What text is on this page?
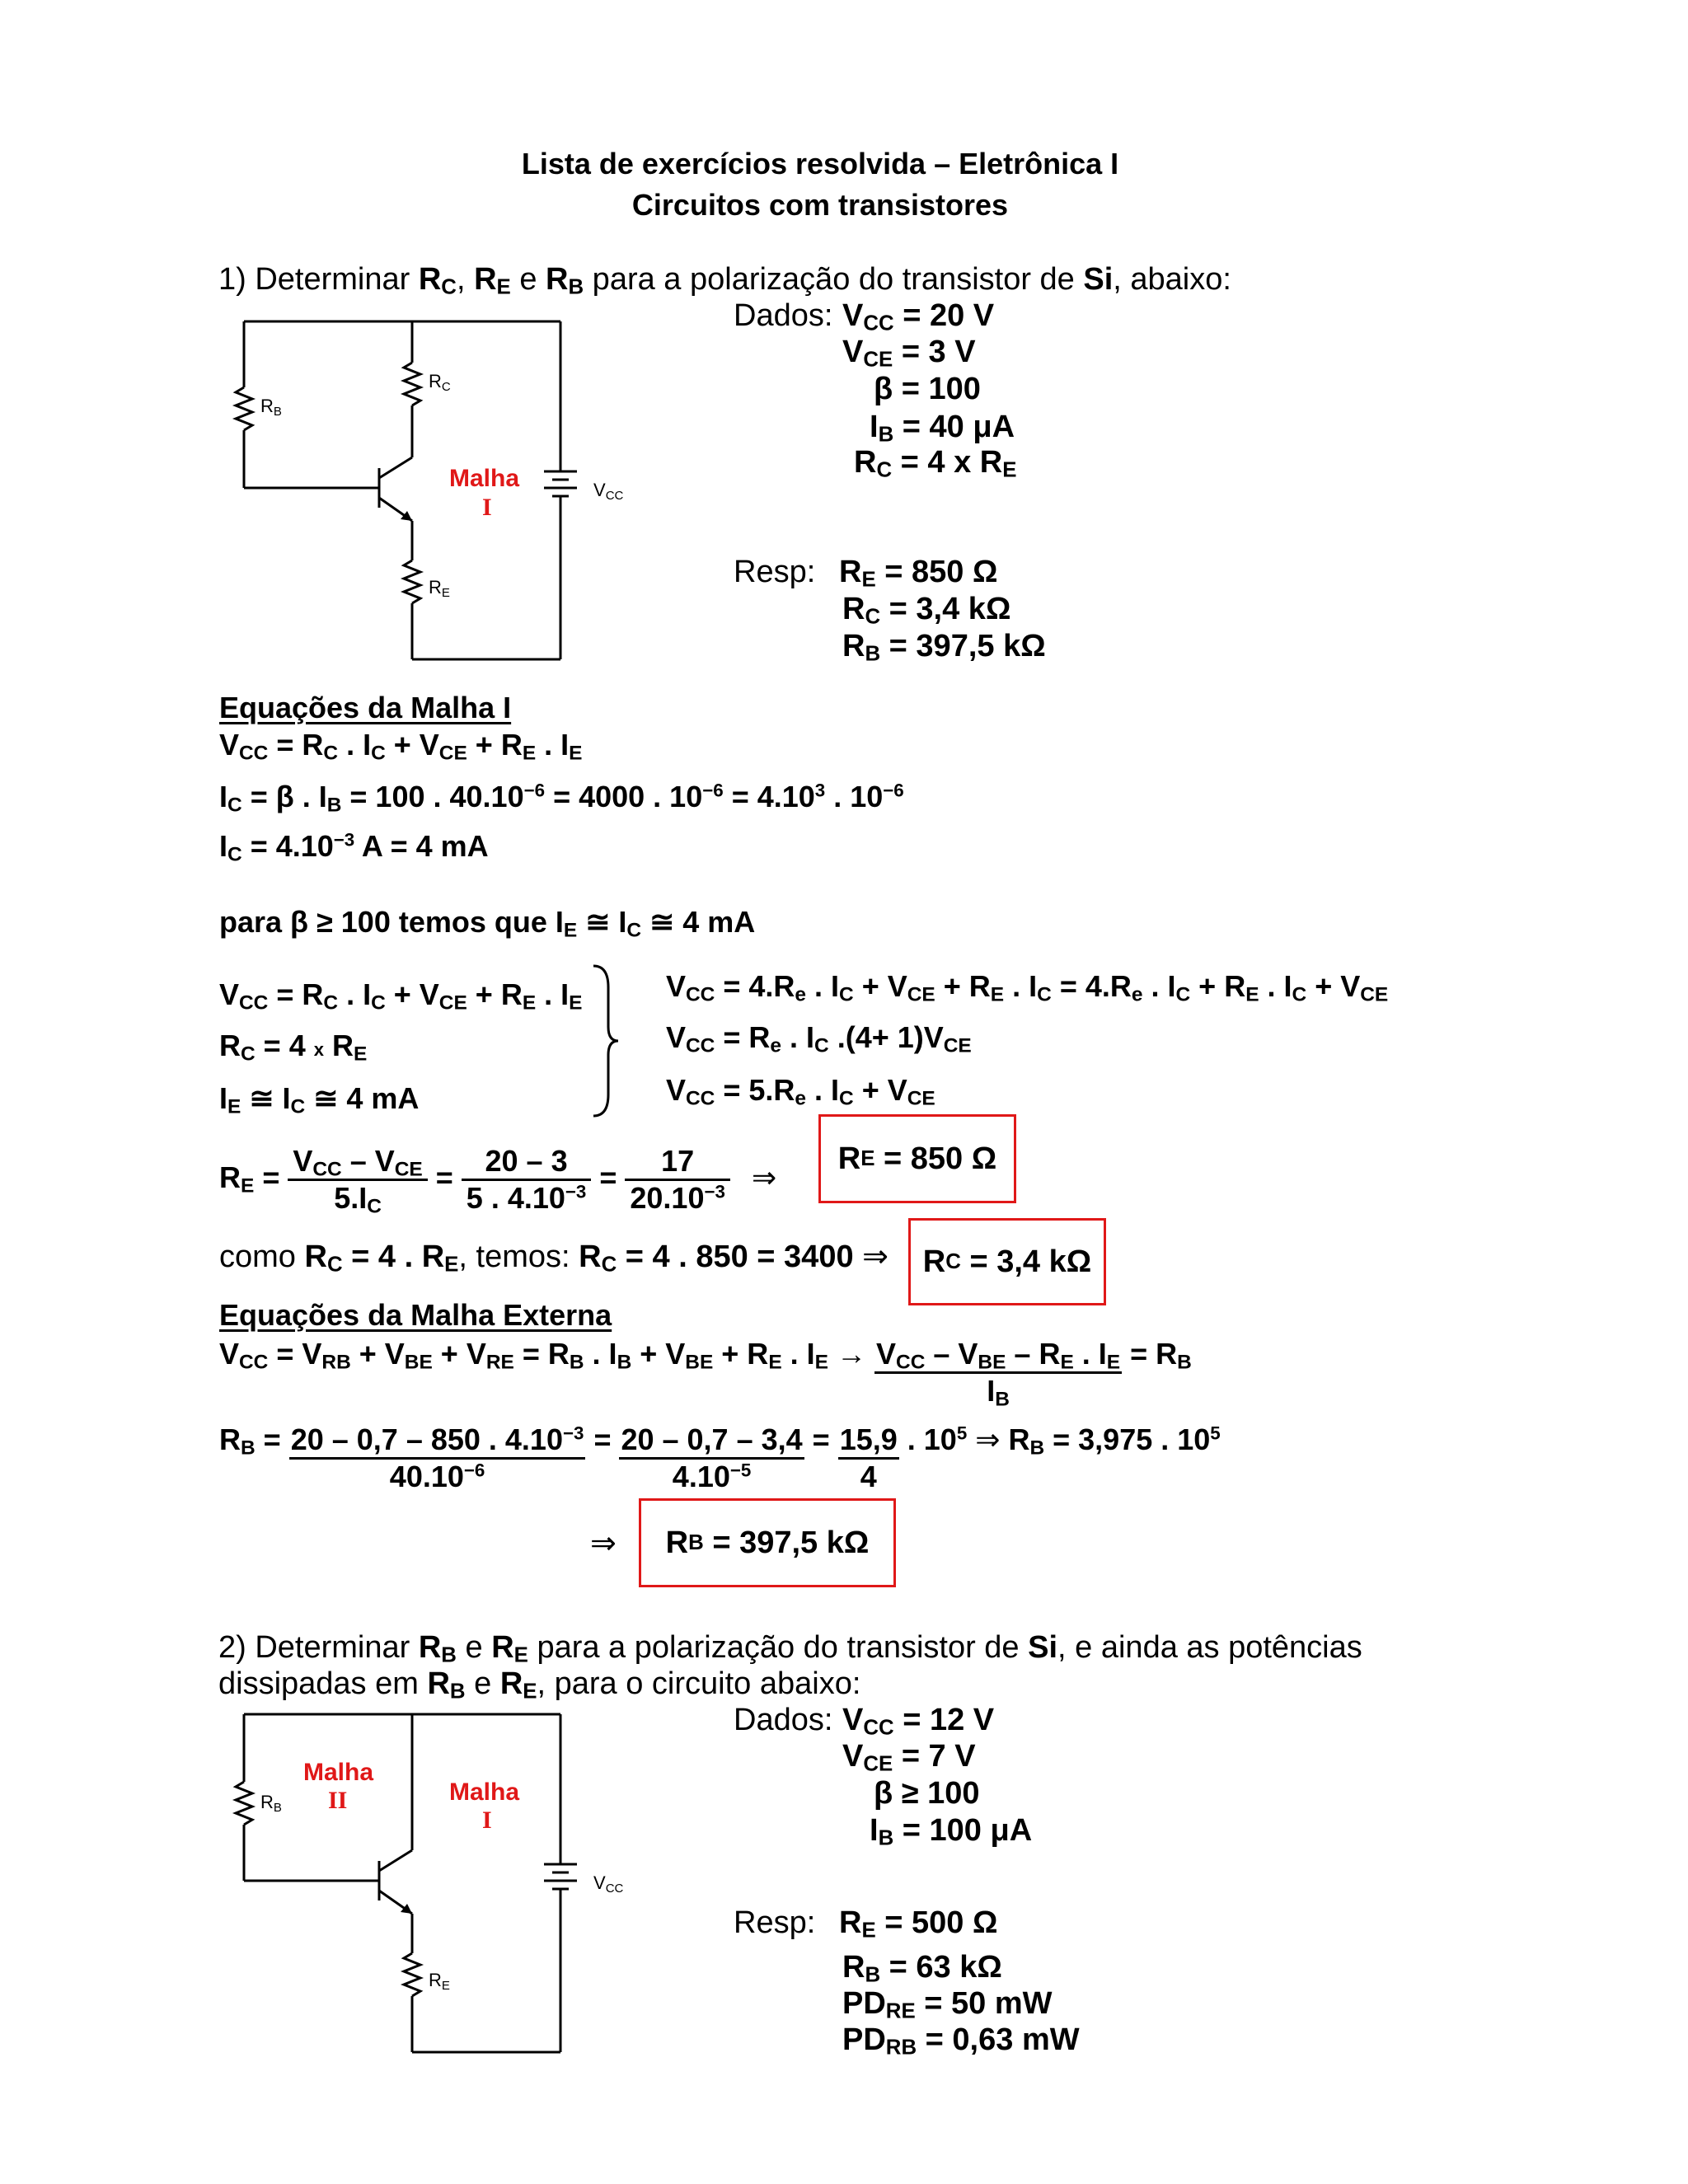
Lista de exercícios resolvida – Eletrônica I
Circuitos com transistores
1) Determinar $R_C$, $R_E$ e $R_B$ para a polarização do transistor de Si, abaixo:
RB
RC
RE
VCC
Malha
I
Dados: $V_{CC} = 20$ V
$V_{CE} = 3$ V
β = 100
$I_B = 40$ μA
$R_C = 4$ x $R_E$
Resp: $R_E = 850$ Ω
$R_C = 3,4$ kΩ
$R_B = 397,5$ kΩ
Equações da Malha I
$V_{CC} = R_C$ . $I_C + V_{CE} + R_E$ . $I_E$
$I_C = \beta$ . $I_B = 100$ . $40.10^{-6} = 4000$ . $10^{-6} = 4.10^3$ . $10^{-6}$
$I_C = 4.10^{-3}$ A = 4 mA
para β ≥ 100 temos que $I_E$ ≅ $I_C$ ≅ 4 mA
$V_{CC} = R_C$ . $I_C + V_{CE} + R_E$ . $I_E$
$R_C = 4$ x $R_E$
$I_E$ ≅ $I_C$ ≅ 4 mA
$V_{CC} = 4.R_e$ . $I_C + V_{CE} + R_E$ . $I_C = 4.R_e$ . $I_C + R_E$ . $I_C + V_{CE}$
$V_{CC} = R_e$ . $I_C$ $.(4+ 1)V_{CE}$
$V_{CC} = 5.R_e$ . $I_C + V_{CE}$
$R_E = \frac{V_{CC} - V_{CE}}{5.I_C} = \frac{20 - 3}{5 . 4.10^{-3}} = \frac{17}{20.10^{-3}}$ ⇒
R E
= 850 Ω
como $R_C = 4$ . $R_E$, temos: $R_C = 4$ . 850 = 3400 ⇒	R C
= 3,4 kΩ
Equações da Malha Externa
$V_{CC} = V_{RB} + V_{BE} + V_{RE} = R_B$ . $I_B + V_{BE} + R_E$ . $I_E \to \frac{V_{CC} - V_{BE} - R_E . I_E}{I_B} = R_B$
$R_B = \frac{20 - 0,7 - 850 . 4.10^{-3}}{40.10^{-6}} = \frac{20 - 0,7 - 3,4}{4.10^{-5}} = \frac{15,9}{4}$ . $10^5$ ⇒ $R_B = 3,975$ . $10^5$
⇒	R B
= 397,5 kΩ
2) Determinar $R_B$ e $R_E$ para a polarização do transistor de Si, e ainda as potências
dissipadas em $R_B$ e $R_E$, para o circuito abaixo:
RB
RE
VCC
Malha
II	Malha
I
Dados: $V_{CC} = 12$ V
$V_{CE} = 7$ V
β ≥ 100
$I_B = 100$ μA
Resp: $R_E = 500$ Ω
$R_B = 63$ kΩ
$PD_{RE} = 50$ mW
$PD_{RB} = 0,63$ mW
